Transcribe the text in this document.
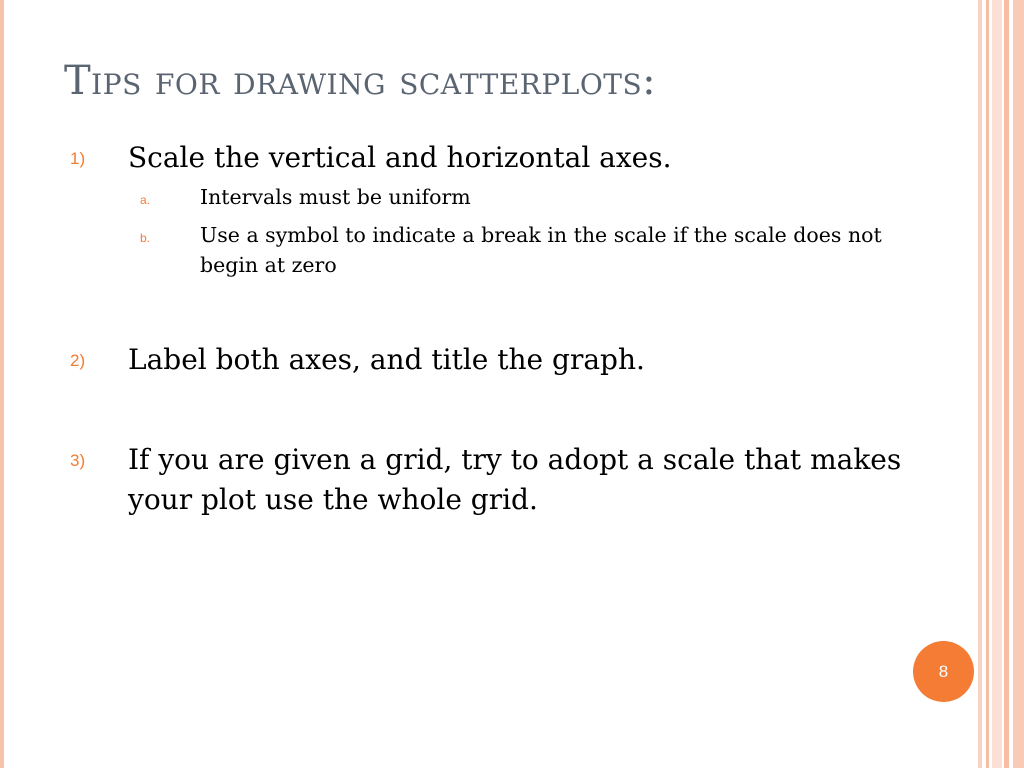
Tips for drawing scatterplots:
1) Scale the vertical and horizontal axes.
a. Intervals must be uniform
b. Use a symbol to indicate a break in the scale if the scale does not begin at zero
2) Label both axes, and title the graph.
3) If you are given a grid, try to adopt a scale that makes your plot use the whole grid.
8
